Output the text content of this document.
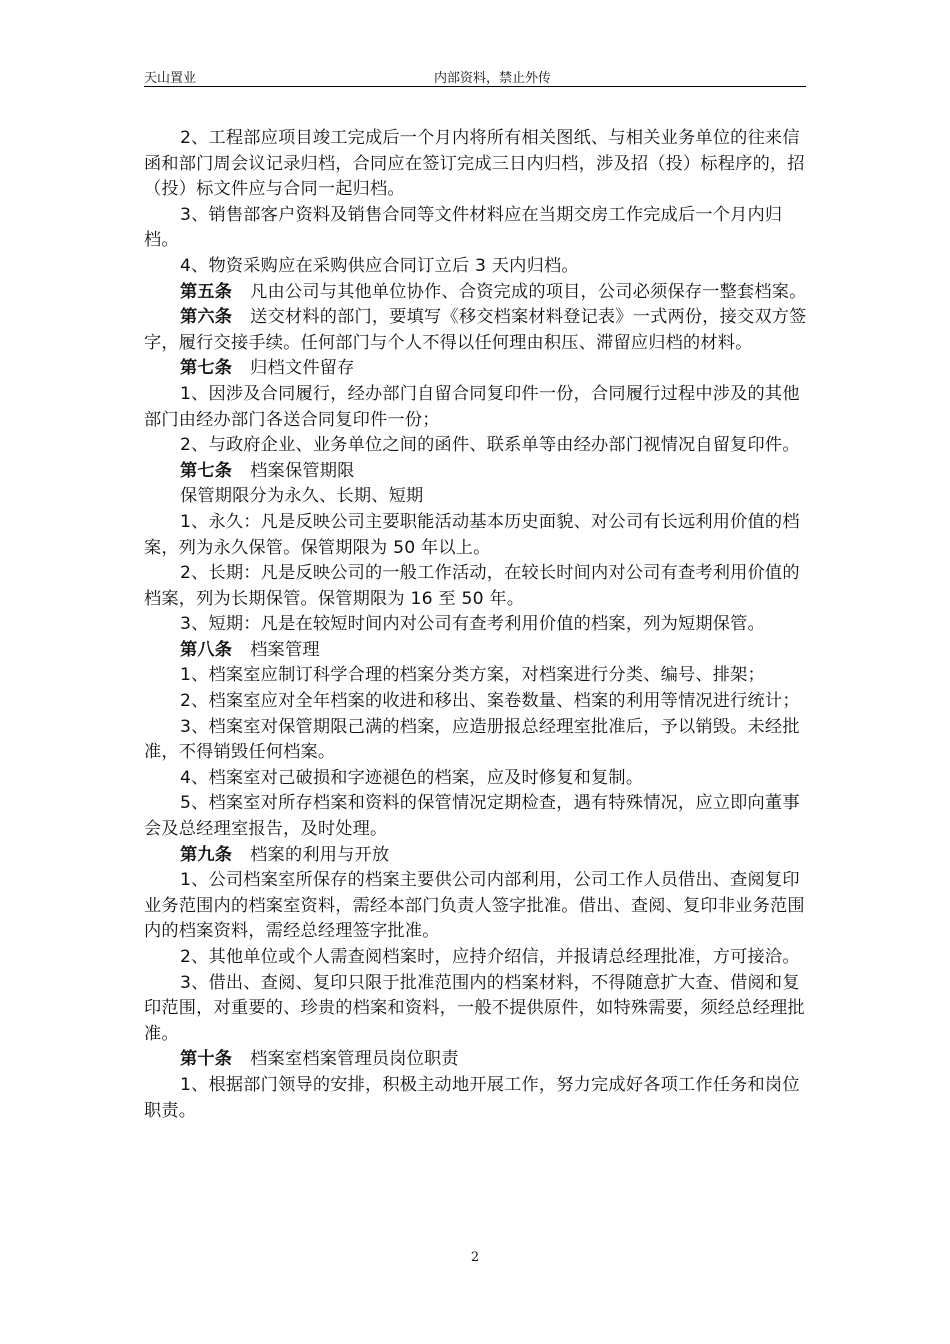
天山置业	内部资料，禁止外传

2、工程部应项目竣工完成后一个月内将所有相关图纸、与相关业务单位的往来信函和部门周会议记录归档，合同应在签订完成三日内归档，涉及招（投）标程序的，招（投）标文件应与合同一起归档。

3、销售部客户资料及销售合同等文件材料应在当期交房工作完成后一个月内归档。

4、物资采购应在采购供应合同订立后 3 天内归档。

第五条 凡由公司与其他单位协作、合资完成的项目，公司必须保存一整套档案。

第六条 送交材料的部门，要填写《移交档案材料登记表》一式两份，接交双方签字，履行交接手续。任何部门与个人不得以任何理由积压、滞留应归档的材料。

第七条 归档文件留存

1、因涉及合同履行，经办部门自留合同复印件一份，合同履行过程中涉及的其他部门由经办部门各送合同复印件一份；

2、与政府企业、业务单位之间的函件、联系单等由经办部门视情况自留复印件。

第七条 档案保管期限

保管期限分为永久、长期、短期

1、永久：凡是反映公司主要职能活动基本历史面貌、对公司有长远利用价值的档案，列为永久保管。保管期限为 50 年以上。

2、长期：凡是反映公司的一般工作活动，在较长时间内对公司有查考利用价值的档案，列为长期保管。保管期限为 16 至 50 年。

3、短期：凡是在较短时间内对公司有查考利用价值的档案，列为短期保管。

第八条 档案管理

1、档案室应制订科学合理的档案分类方案，对档案进行分类、编号、排架；

2、档案室应对全年档案的收进和移出、案卷数量、档案的利用等情况进行统计；

3、档案室对保管期限己满的档案，应造册报总经理室批准后，予以销毁。未经批准，不得销毁任何档案。

4、档案室对己破损和字迹褪色的档案，应及时修复和复制。

5、档案室对所存档案和资料的保管情况定期检查，遇有特殊情况，应立即向董事会及总经理室报告，及时处理。

第九条 档案的利用与开放

1、公司档案室所保存的档案主要供公司内部利用，公司工作人员借出、查阅复印业务范围内的档案室资料，需经本部门负责人签字批准。借出、查阅、复印非业务范围内的档案资料，需经总经理签字批准。

2、其他单位或个人需查阅档案时，应持介绍信，并报请总经理批准，方可接洽。

3、借出、查阅、复印只限于批准范围内的档案材料，不得随意扩大查、借阅和复印范围，对重要的、珍贵的档案和资料，一般不提供原件，如特殊需要，须经总经理批准。

第十条 档案室档案管理员岗位职责

1、根据部门领导的安排，积极主动地开展工作，努力完成好各项工作任务和岗位职责。

2
